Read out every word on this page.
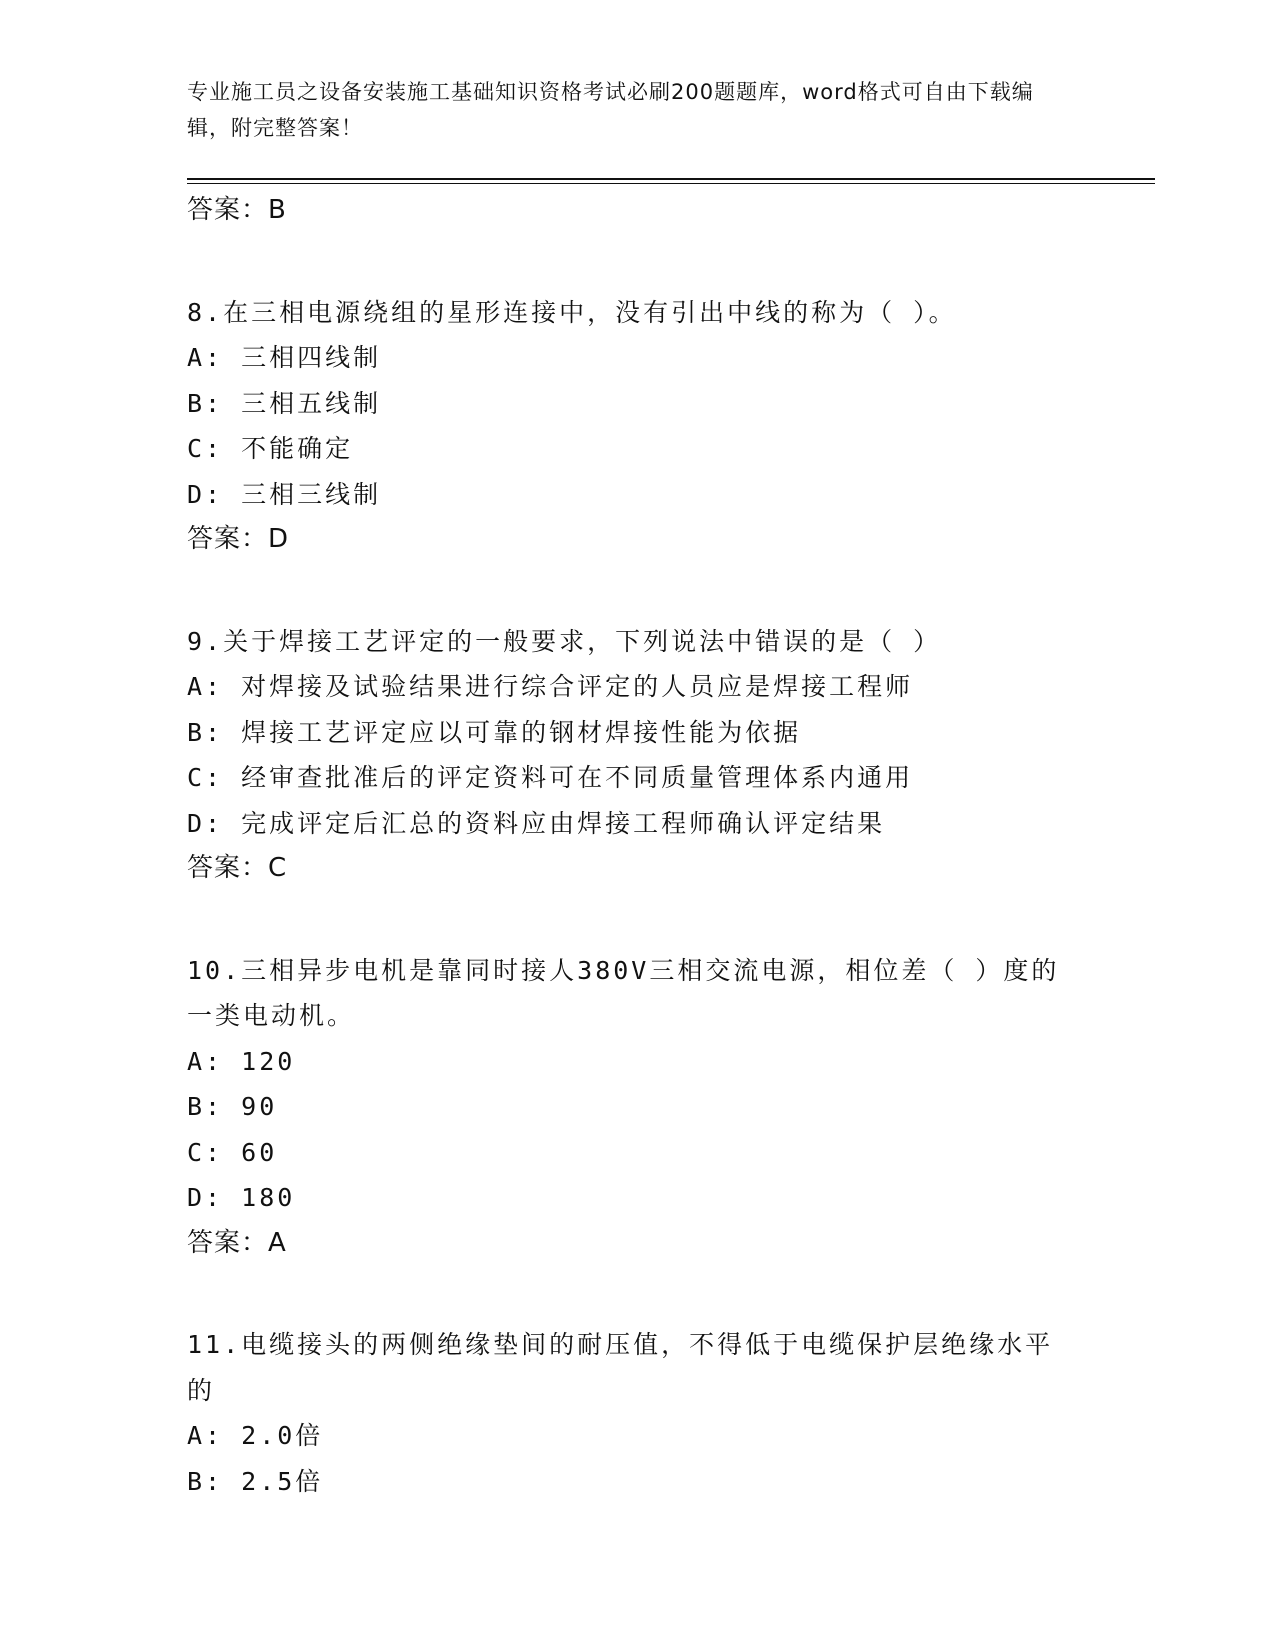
专业施工员之设备安装施工基础知识资格考试必刷200题题库，word格式可自由下载编辑，附完整答案！
答案：B
8.在三相电源绕组的星形连接中，没有引出中线的称为（ ）。
A: 三相四线制
B: 三相五线制
C: 不能确定
D: 三相三线制
答案：D
9.关于焊接工艺评定的一般要求，下列说法中错误的是（ ）
A: 对焊接及试验结果进行综合评定的人员应是焊接工程师
B: 焊接工艺评定应以可靠的钢材焊接性能为依据
C: 经审查批准后的评定资料可在不同质量管理体系内通用
D: 完成评定后汇总的资料应由焊接工程师确认评定结果
答案：C
10.三相异步电机是靠同时接人380V三相交流电源，相位差（ ）度的
一类电动机。
A: 120
B: 90
C: 60
D: 180
答案：A
11.电缆接头的两侧绝缘垫间的耐压值，不得低于电缆保护层绝缘水平
的
A: 2.0倍
B: 2.5倍
